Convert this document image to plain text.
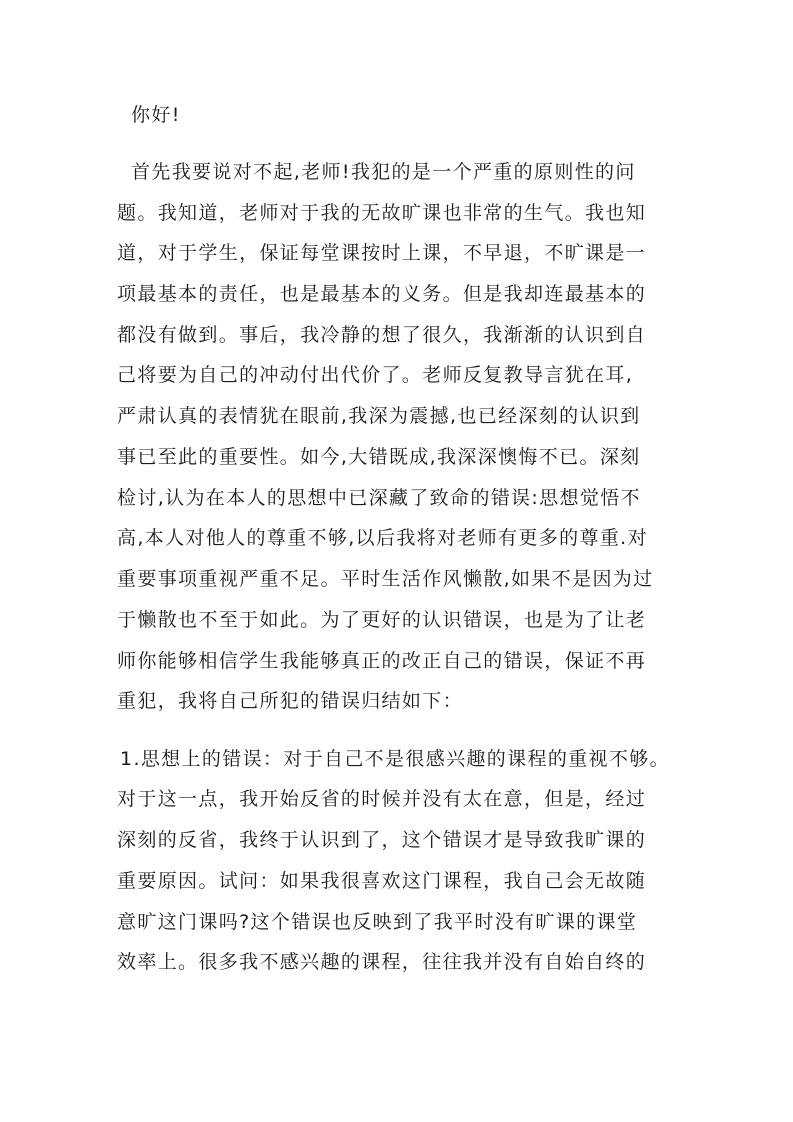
你好!
首先我要说对不起,老师!我犯的是一个严重的原则性的问
题。我知道，老师对于我的无故旷课也非常的生气。我也知
道，对于学生，保证每堂课按时上课，不早退，不旷课是一
项最基本的责任，也是最基本的义务。但是我却连最基本的
都没有做到。事后，我冷静的想了很久，我渐渐的认识到自
己将要为自己的冲动付出代价了。老师反复教导言犹在耳,
严肃认真的表情犹在眼前,我深为震撼,也已经深刻的认识到
事已至此的重要性。如今,大错既成,我深深懊悔不已。深刻
检讨,认为在本人的思想中已深藏了致命的错误:思想觉悟不
高,本人对他人的尊重不够,以后我将对老师有更多的尊重.对
重要事项重视严重不足。平时生活作风懒散,如果不是因为过
于懒散也不至于如此。为了更好的认识错误，也是为了让老
师你能够相信学生我能够真正的改正自己的错误，保证不再
重犯，我将自己所犯的错误归结如下：
1.思想上的错误：对于自己不是很感兴趣的课程的重视不够。
对于这一点，我开始反省的时候并没有太在意，但是，经过
深刻的反省，我终于认识到了，这个错误才是导致我旷课的
重要原因。试问：如果我很喜欢这门课程，我自己会无故随
意旷这门课吗?这个错误也反映到了我平时没有旷课的课堂
效率上。很多我不感兴趣的课程，往往我并没有自始自终的
